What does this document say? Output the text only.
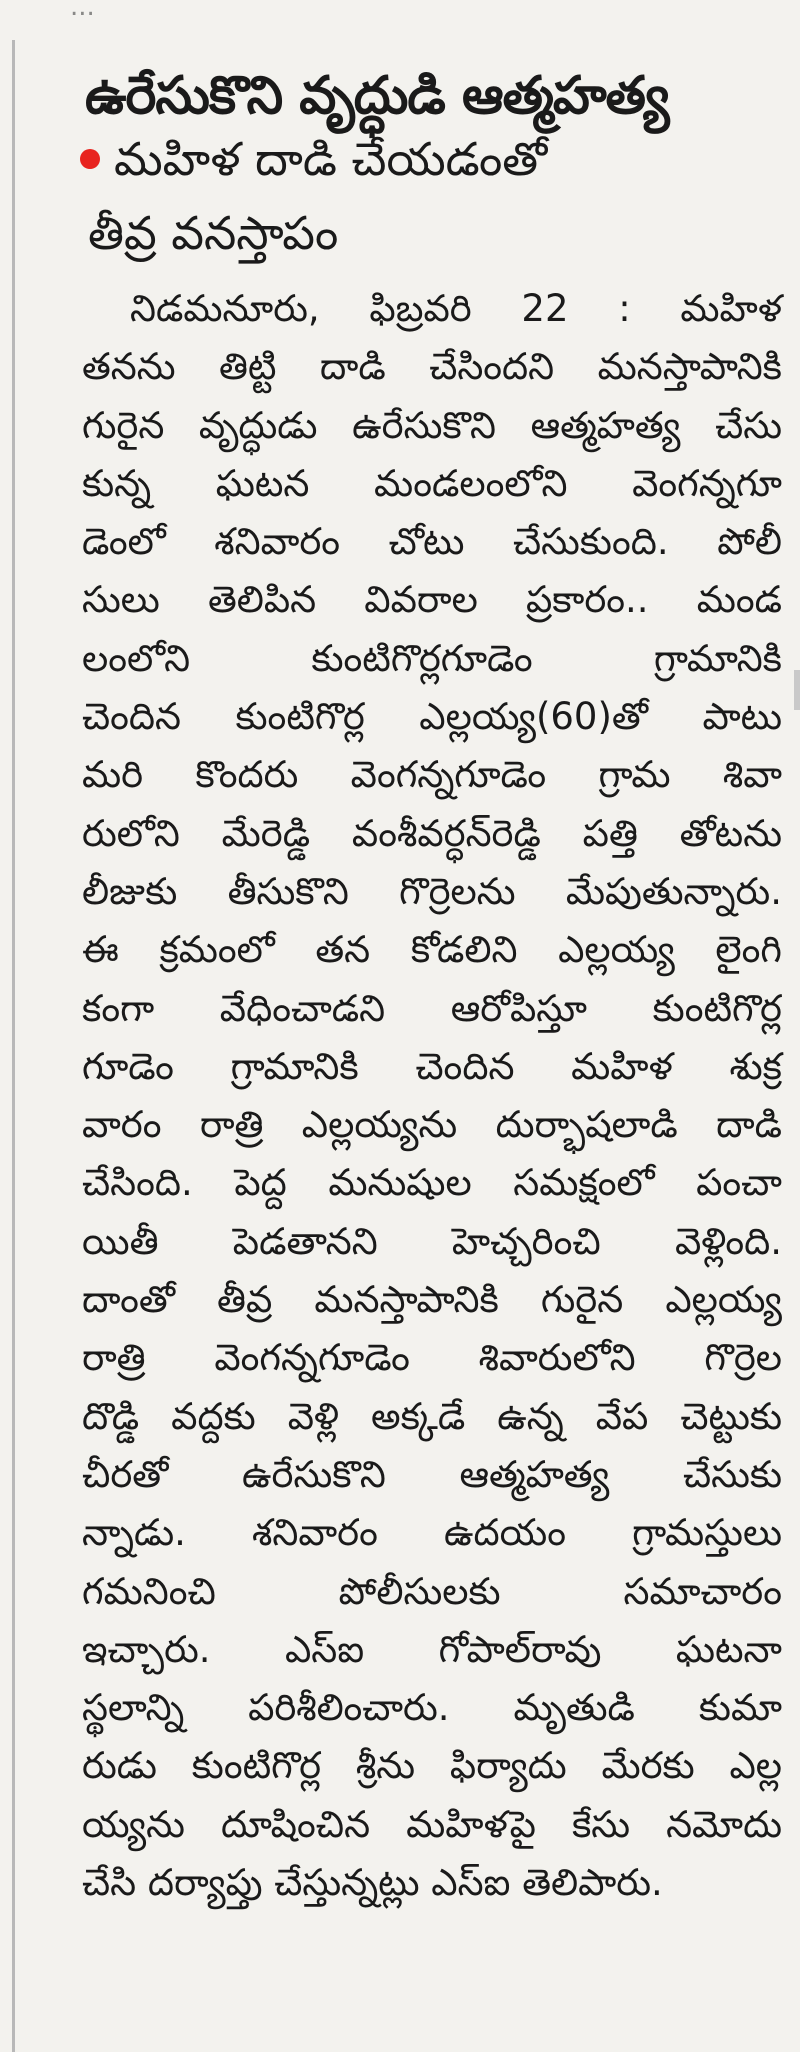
...
ఉరేసుకొని వృద్ధుడి ఆత్మహత్య
మహిళ దాడి చేయడంతో
తీవ్ర వనస్తాపం
నిడమనూరు, ఫిబ్రవరి 22 : మహిళ
తనను తిట్టి దాడి చేసిందని మనస్తాపానికి
గురైన వృద్ధుడు ఉరేసుకొని ఆత్మహత్య చేసు
కున్న ఘటన మండలంలోని వెంగన్నగూ
డెంలో శనివారం చోటు చేసుకుంది. పోలీ
సులు తెలిపిన వివరాల ప్రకారం.. మండ
లంలోని కుంటిగొర్లగూడెం గ్రామానికి
చెందిన కుంటిగొర్ల ఎల్లయ్య(60)తో పాటు
మరి కొందరు వెంగన్నగూడెం గ్రామ శివా
రులోని మేరెడ్డి వంశీవర్ధన్‌రెడ్డి పత్తి తోటను
లీజుకు తీసుకొని గొర్రెలను మేపుతున్నారు.
ఈ క్రమంలో తన కోడలిని ఎల్లయ్య లైంగి
కంగా వేధించాడని ఆరోపిస్తూ కుంటిగొర్ల
గూడెం గ్రామానికి చెందిన మహిళ శుక్ర
వారం రాత్రి ఎల్లయ్యను దుర్భాషలాడి దాడి
చేసింది. పెద్ద మనుషుల సమక్షంలో పంచా
యితీ పెడతానని హెచ్చరించి వెళ్లింది.
దాంతో తీవ్ర మనస్తాపానికి గురైన ఎల్లయ్య
రాత్రి వెంగన్నగూడెం శివారులోని గొర్రెల
దొడ్డి వద్దకు వెళ్లి అక్కడే ఉన్న వేప చెట్టుకు
చీరతో ఉరేసుకొని ఆత్మహత్య చేసుకు
న్నాడు. శనివారం ఉదయం గ్రామస్తులు
గమనించి పోలీసులకు సమాచారం
ఇచ్చారు. ఎస్ఐ గోపాల్‌రావు ఘటనా
స్థలాన్ని పరిశీలించారు. మృతుడి కుమా
రుడు కుంటిగొర్ల శ్రీను ఫిర్యాదు మేరకు ఎల్ల
య్యను దూషించిన మహిళపై కేసు నమోదు
చేసి దర్యాప్తు చేస్తున్నట్లు ఎస్ఐ తెలిపారు.
